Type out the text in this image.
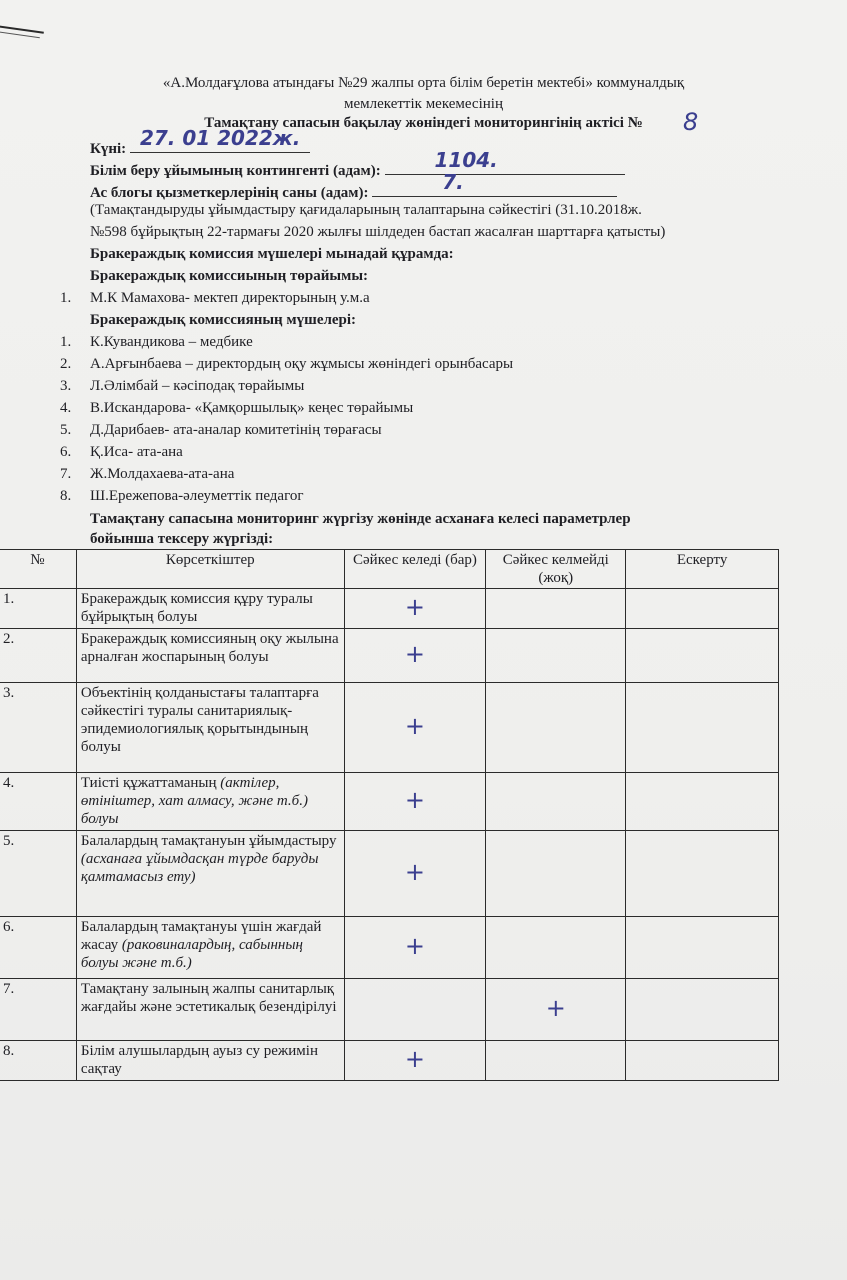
«А.Молдағұлова атындағы №29 жалпы орта білім беретін мектебі» коммуналдық
мемлекеттік мекемесінің
Тамақтану сапасын бақылау жөніндегі мониторингінің актісі №	8
Күні: 27. 01 2022ж.
Білім беру ұйымының контингенті (адам):	1104.
Ас блогы қызметкерлерінің саны (адам):	7.
(Тамақтандыруды ұйымдастыру қағидаларының талаптарына сәйкестігі (31.10.2018ж.
№598 бұйрықтың 22-тармағы 2020 жылғы шілдеден бастап жасалған шарттарға қатысты)
Бракераждық комиссия мүшелері мынадай құрамда:
Бракераждық комиссиының төрайымы:
1. М.К Мамахова- мектеп директорының у.м.а
Бракераждық комиссияның мүшелері:
1. К.Кувандикова – медбике
2. А.Арғынбаева – директордың оқу жұмысы жөніндегі орынбасары
3. Л.Әлімбай – кәсіподақ төрайымы
4. В.Искандарова- «Қамқоршылық» кеңес төрайымы
5. Д.Дарибаев- ата-аналар комитетінің төрағасы
6. Қ.Иса- ата-ана
7. Ж.Молдахаева-ата-ана
8. Ш.Ережепова-әлеуметтік педагог
Тамақтану сапасына мониторинг жүргізу жөнінде асханаға келесі параметрлер
бойынша тексеру жүргізді:
№	Көрсеткіштер	Сәйкес келеді (бар)	Сәйкес келмейді (жоқ)	Ескерту
1.	Бракераждық комиссия құру туралы бұйрықтың болуы	+		
2.	Бракераждық комиссияның оқу жылына арналған жоспарының болуы	+		
3.	Объектінің қолданыстағы талаптарға сәйкестігі туралы санитариялық-эпидемиологиялық қорытындының болуы	+		
4.	Тиісті құжаттаманың (актілер, өтініштер, хат алмасу, және т.б.) болуы	+		
5.	Балалардың тамақтануын ұйымдастыру (асханаға ұйымдасқан түрде баруды қамтамасыз ету)	+		
6.	Балалардың тамақтануы үшін жағдай жасау (раковиналардың, сабынның болуы және т.б.)	+		
7.	Тамақтану залының жалпы санитарлық жағдайы және эстетикалық безендірілуі		+	
8.	Білім алушылардың ауыз су режимін сақтау	+		
